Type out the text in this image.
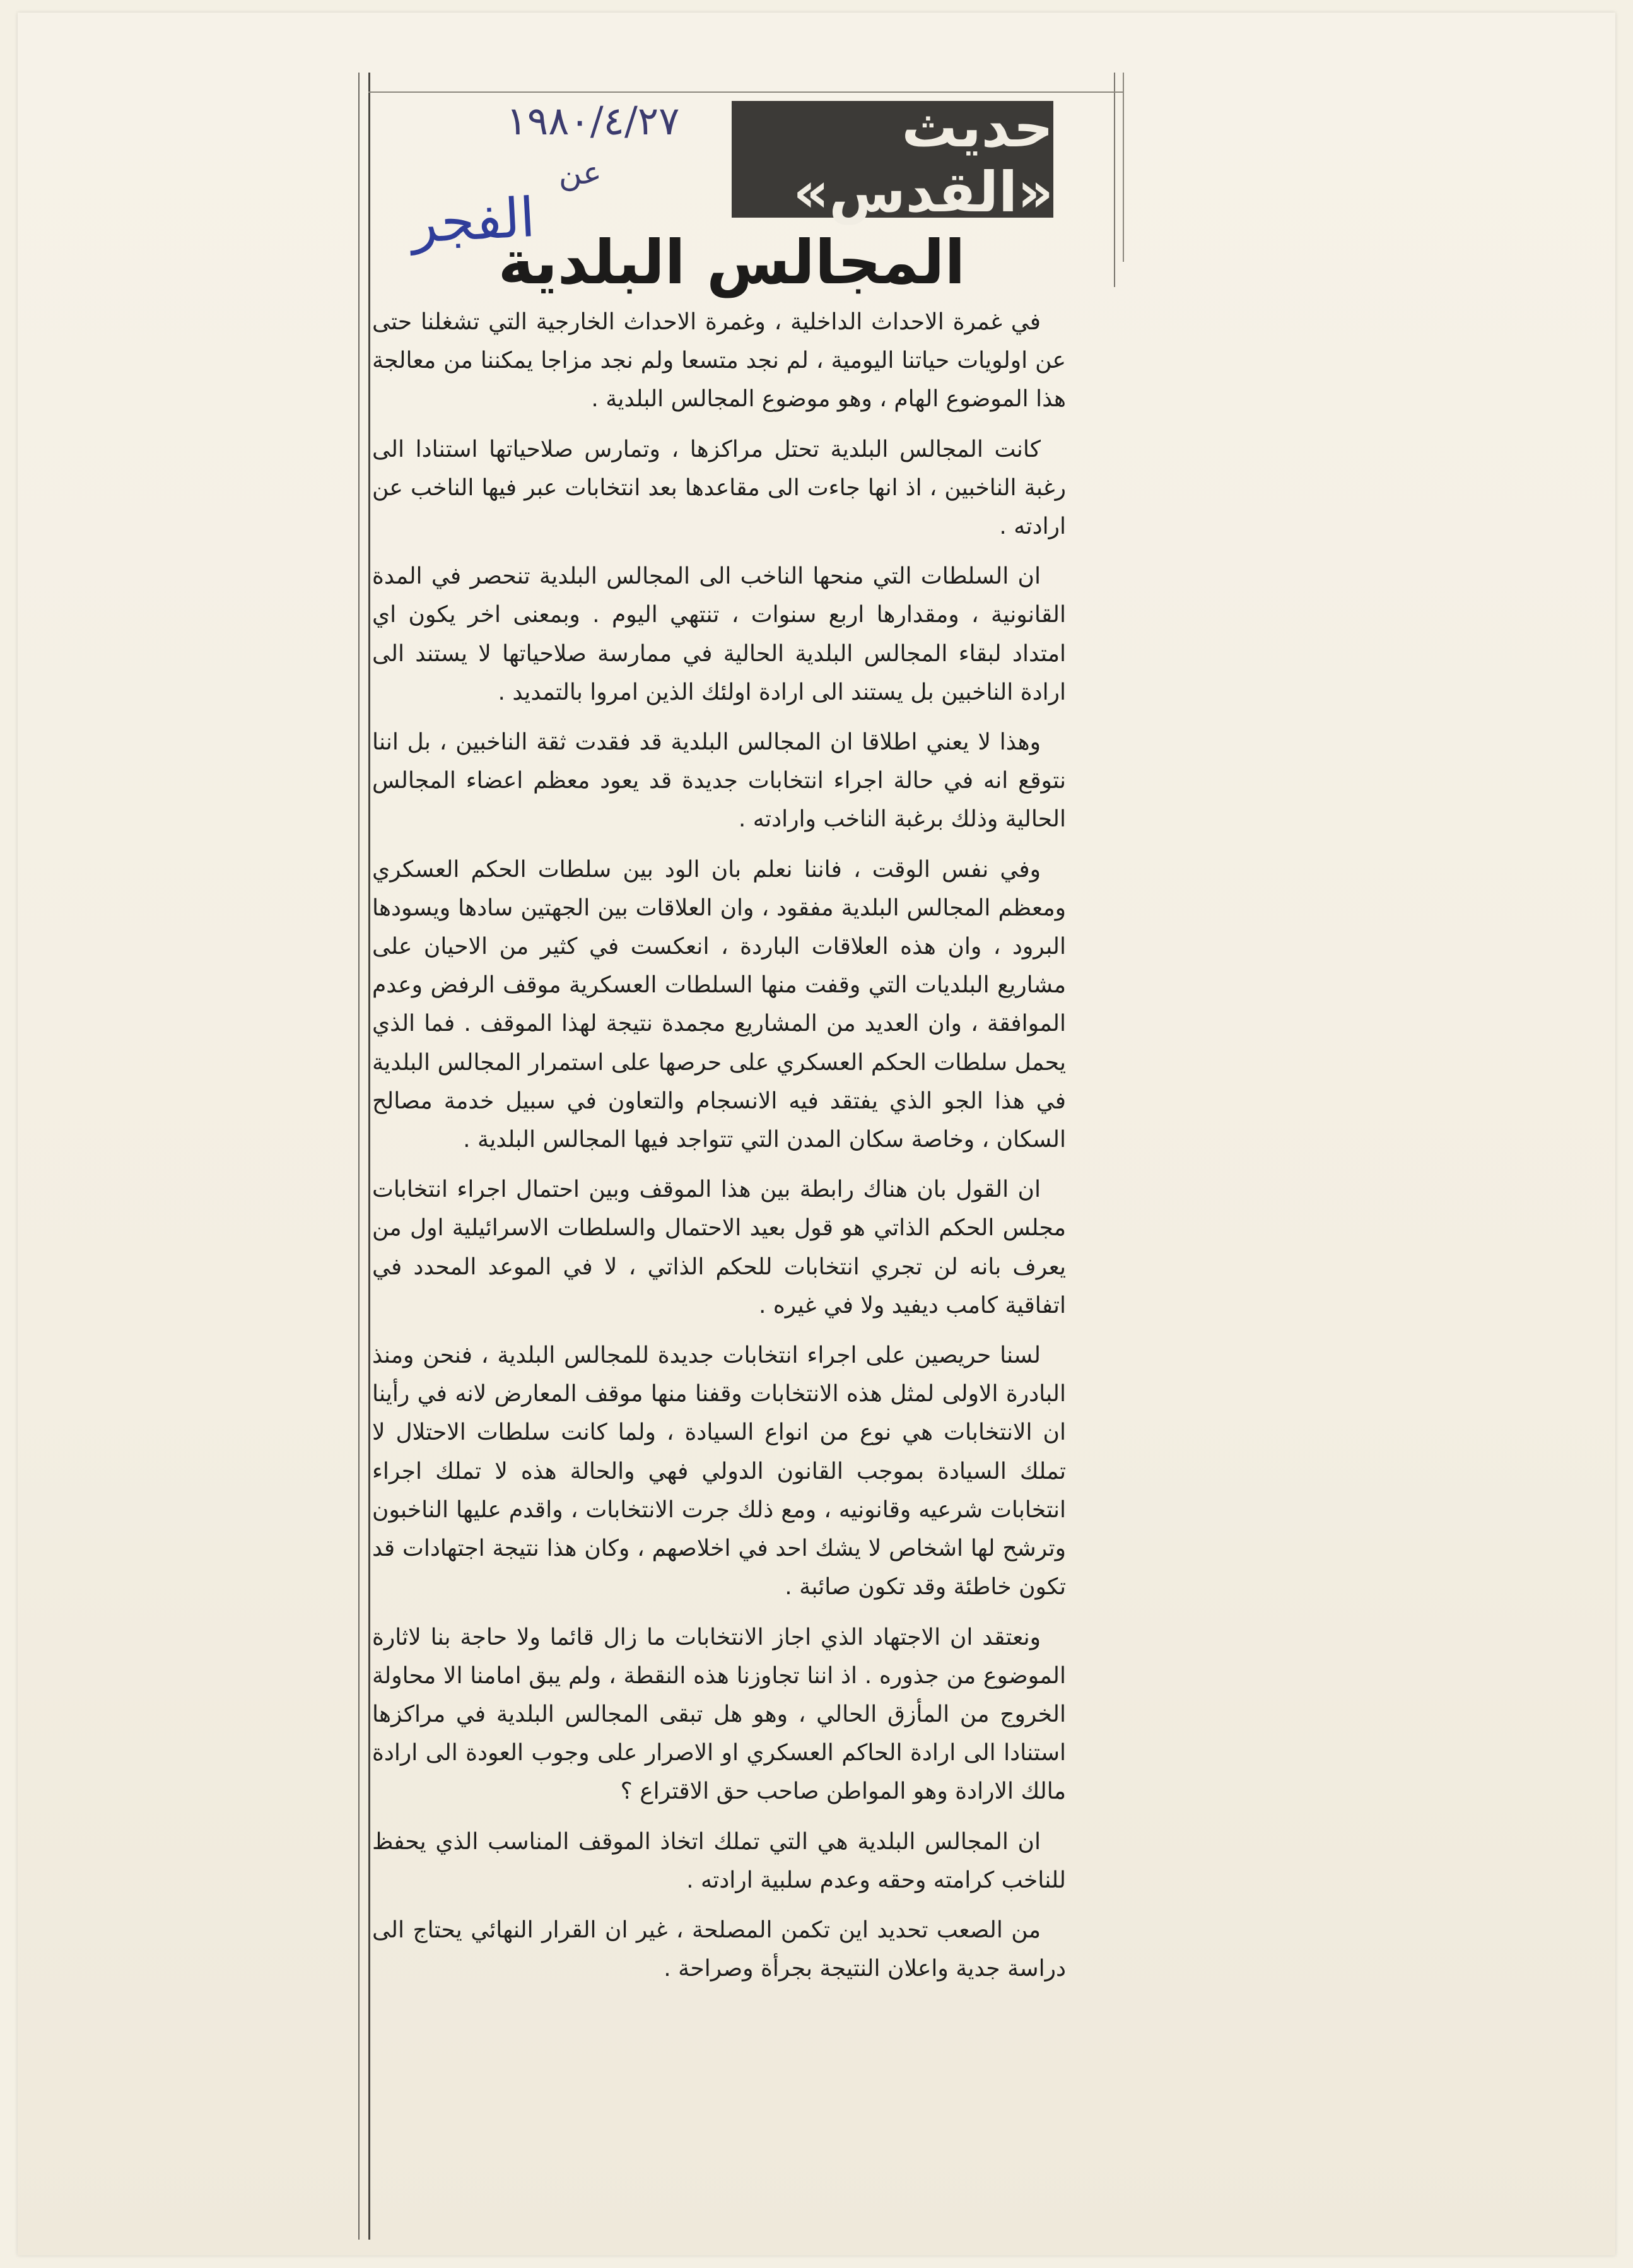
١٩٨٠/٤/٢٧
عن
الفجر
حديث «القدس»
المجالس البلدية

في غمرة الاحداث الداخلية ، وغمرة الاحداث الخارجية التي تشغلنا حتى عن اولويات حياتنا اليومية ، لم نجد متسعا ولم نجد مزاجا يمكننا من معالجة هذا الموضوع الهام ، وهو موضوع المجالس البلدية .

كانت المجالس البلدية تحتل مراكزها ، وتمارس صلاحياتها استنادا الى رغبة الناخبين ، اذ انها جاءت الى مقاعدها بعد انتخابات عبر فيها الناخب عن ارادته .

ان السلطات التي منحها الناخب الى المجالس البلدية تنحصر في المدة القانونية ، ومقدارها اربع سنوات ، تنتهي اليوم . وبمعنى اخر يكون اي امتداد لبقاء المجالس البلدية الحالية في ممارسة صلاحياتها لا يستند الى ارادة الناخبين بل يستند الى ارادة اولئك الذين امروا بالتمديد .

وهذا لا يعني اطلاقا ان المجالس البلدية قد فقدت ثقة الناخبين ، بل اننا نتوقع انه في حالة اجراء انتخابات جديدة قد يعود معظم اعضاء المجالس الحالية وذلك برغبة الناخب وارادته .

وفي نفس الوقت ، فاننا نعلم بان الود بين سلطات الحكم العسكري ومعظم المجالس البلدية مفقود ، وان العلاقات بين الجهتين سادها ويسودها البرود ، وان هذه العلاقات الباردة ، انعكست في كثير من الاحيان على مشاريع البلديات التي وقفت منها السلطات العسكرية موقف الرفض وعدم الموافقة ، وان العديد من المشاريع مجمدة نتيجة لهذا الموقف . فما الذي يحمل سلطات الحكم العسكري على حرصها على استمرار المجالس البلدية في هذا الجو الذي يفتقد فيه الانسجام والتعاون في سبيل خدمة مصالح السكان ، وخاصة سكان المدن التي تتواجد فيها المجالس البلدية .

ان القول بان هناك رابطة بين هذا الموقف وبين احتمال اجراء انتخابات مجلس الحكم الذاتي هو قول بعيد الاحتمال والسلطات الاسرائيلية اول من يعرف بانه لن تجري انتخابات للحكم الذاتي ، لا في الموعد المحدد في اتفاقية كامب ديفيد ولا في غيره .

لسنا حريصين على اجراء انتخابات جديدة للمجالس البلدية ، فنحن ومنذ البادرة الاولى لمثل هذه الانتخابات وقفنا منها موقف المعارض لانه في رأينا ان الانتخابات هي نوع من انواع السيادة ، ولما كانت سلطات الاحتلال لا تملك السيادة بموجب القانون الدولي فهي والحالة هذه لا تملك اجراء انتخابات شرعيه وقانونيه ، ومع ذلك جرت الانتخابات ، واقدم عليها الناخبون وترشح لها اشخاص لا يشك احد في اخلاصهم ، وكان هذا نتيجة اجتهادات قد تكون خاطئة وقد تكون صائبة .

ونعتقد ان الاجتهاد الذي اجاز الانتخابات ما زال قائما ولا حاجة بنا لاثارة الموضوع من جذوره . اذ اننا تجاوزنا هذه النقطة ، ولم يبق امامنا الا محاولة الخروج من المأزق الحالي ، وهو هل تبقى المجالس البلدية في مراكزها استنادا الى ارادة الحاكم العسكري او الاصرار على وجوب العودة الى ارادة مالك الارادة وهو المواطن صاحب حق الاقتراع ؟

ان المجالس البلدية هي التي تملك اتخاذ الموقف المناسب الذي يحفظ للناخب كرامته وحقه وعدم سلبية ارادته .

من الصعب تحديد اين تكمن المصلحة ، غير ان القرار النهائي يحتاج الى دراسة جدية واعلان النتيجة بجرأة وصراحة .
